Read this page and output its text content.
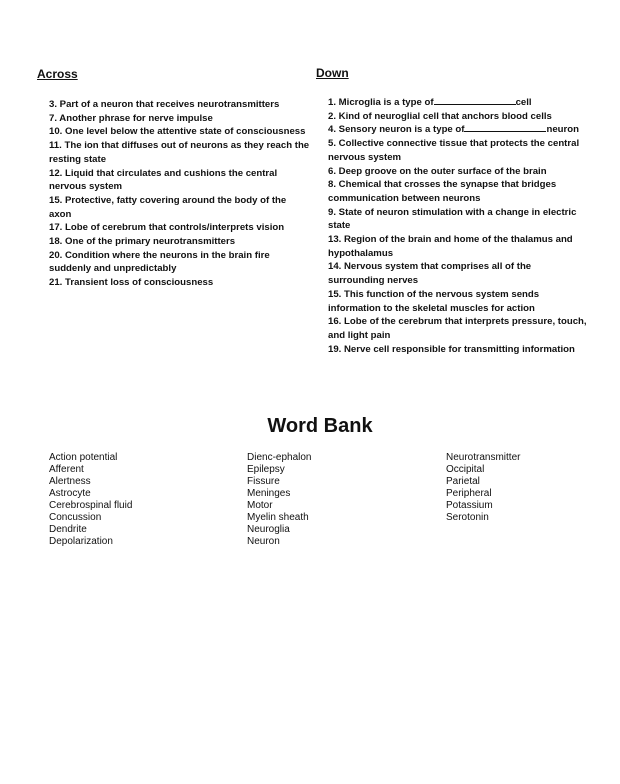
Across
3. Part of a neuron that receives neurotransmitters
7. Another phrase for nerve impulse
10. One level below the attentive state of consciousness
11. The ion that diffuses out of neurons as they reach the resting state
12. Liquid that circulates and cushions the central nervous system
15. Protective, fatty covering around the body of the axon
17. Lobe of cerebrum that controls/interprets vision
18. One of the primary neurotransmitters
20. Condition where the neurons in the brain fire suddenly and unpredictably
21. Transient loss of consciousness
Down
1. Microglia is a type of	cell
2. Kind of neuroglial cell that anchors blood cells
4. Sensory neuron is a type of	neuron
5. Collective connective tissue that protects the central nervous system
6. Deep groove on the outer surface of the brain
8. Chemical that crosses the synapse that bridges communication between neurons
9. State of neuron stimulation with a change in electric state
13. Region of the brain and home of the thalamus and hypothalamus
14. Nervous system that comprises all of the surrounding nerves
15. This function of the nervous system sends information to the skeletal muscles for action
16. Lobe of the cerebrum that interprets pressure, touch, and light pain
19. Nerve cell responsible for transmitting information
Word Bank
Action potential
Afferent
Alertness
Astrocyte
Cerebrospinal fluid
Concussion
Dendrite
Depolarization
Dienc-ephalon
Epilepsy
Fissure
Meninges
Motor
Myelin sheath
Neuroglia
Neuron
Neurotransmitter
Occipital
Parietal
Peripheral
Potassium
Serotonin
